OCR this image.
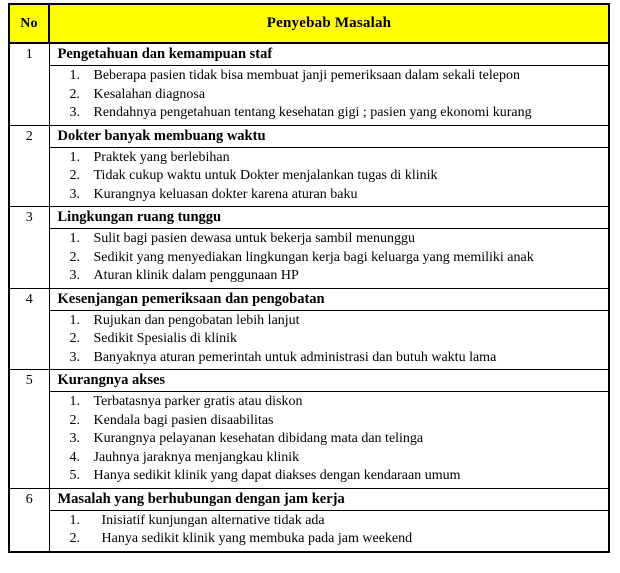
No	Penyebab Masalah
1	Pengetahuan dan kemampuan staf
Beberapa pasien tidak bisa membuat janji pemeriksaan dalam sekali telepon
Kesalahan diagnosa
Rendahnya pengetahuan tentang kesehatan gigi ; pasien yang ekonomi kurang

2	Dokter banyak membuang waktu
Praktek yang berlebihan
Tidak cukup waktu untuk Dokter menjalankan tugas di klinik
Kurangnya keluasan dokter karena aturan baku

3	Lingkungan ruang tunggu
Sulit bagi pasien dewasa untuk bekerja sambil menunggu
Sedikit yang menyediakan lingkungan kerja bagi keluarga yang memiliki anak
Aturan klinik dalam penggunaan HP

4	Kesenjangan pemeriksaan dan pengobatan
Rujukan dan pengobatan lebih lanjut
Sedikit Spesialis di klinik
Banyaknya aturan pemerintah untuk administrasi dan butuh waktu lama

5	Kurangnya akses
Terbatasnya parker gratis atau diskon
Kendala bagi pasien disaabilitas
Kurangnya pelayanan kesehatan dibidang mata dan telinga
Jauhnya jaraknya menjangkau klinik
Hanya sedikit klinik yang dapat diakses dengan kendaraan umum

6	Masalah yang berhubungan dengan jam kerja
Inisiatif kunjungan alternative tidak ada
Hanya sedikit klinik yang membuka pada jam weekend
